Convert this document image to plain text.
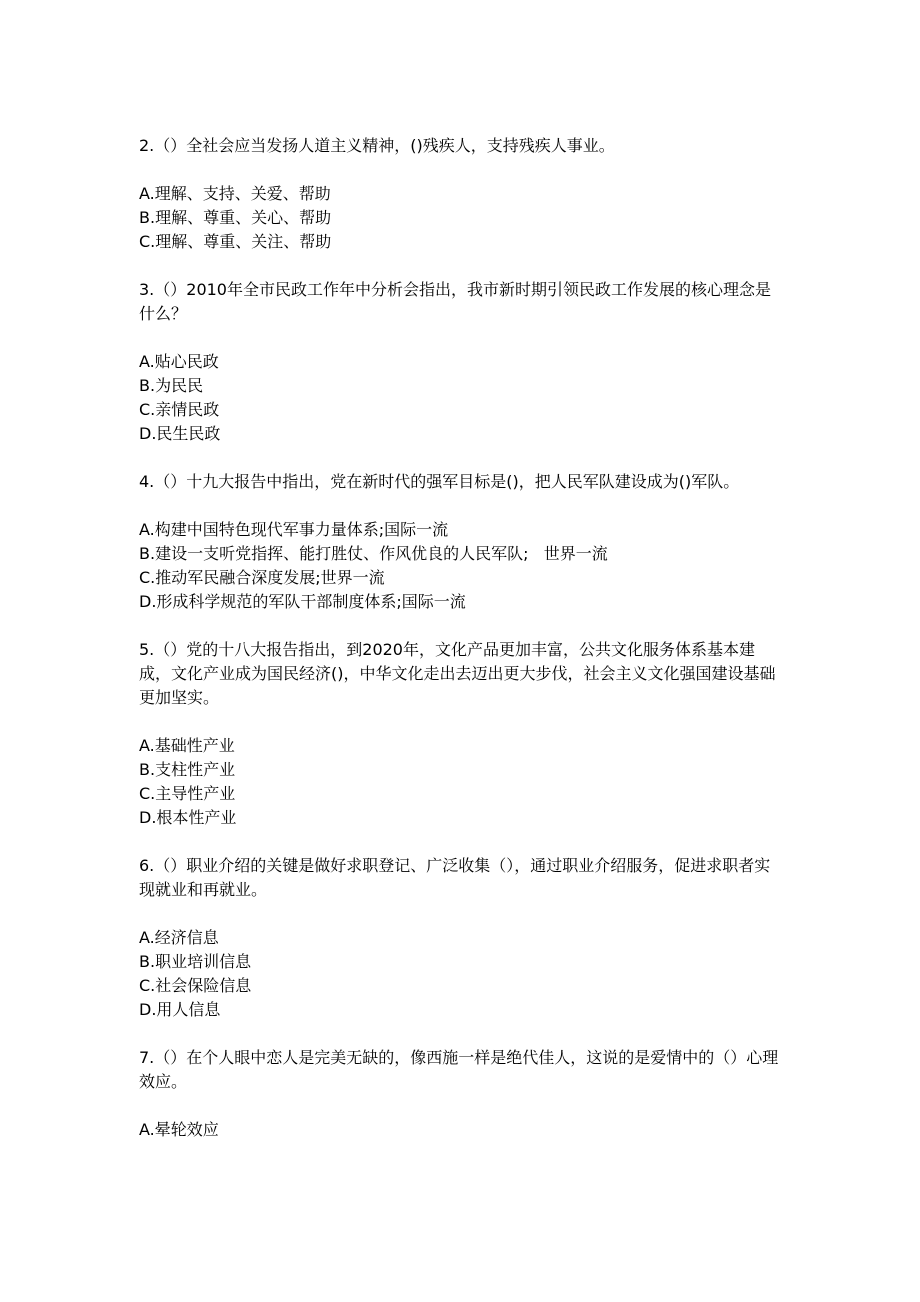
2.（）全社会应当发扬人道主义精神，()残疾人，支持残疾人事业。

A.理解、支持、关爱、帮助
B.理解、尊重、关心、帮助
C.理解、尊重、关注、帮助

3.（）2010年全市民政工作年中分析会指出，我市新时期引领民政工作发展的核心理念是什么？

A.贴心民政
B.为民民
C.亲情民政
D.民生民政

4.（）十九大报告中指出，党在新时代的强军目标是()，把人民军队建设成为()军队。

A.构建中国特色现代军事力量体系;国际一流
B.建设一支听党指挥、能打胜仗、作风优良的人民军队;   世界一流
C.推动军民融合深度发展;世界一流
D.形成科学规范的军队干部制度体系;国际一流

5.（）党的十八大报告指出，到2020年，文化产品更加丰富，公共文化服务体系基本建成，文化产业成为国民经济()，中华文化走出去迈出更大步伐，社会主义文化强国建设基础更加坚实。

A.基础性产业
B.支柱性产业
C.主导性产业
D.根本性产业

6.（）职业介绍的关键是做好求职登记、广泛收集（），通过职业介绍服务，促进求职者实现就业和再就业。

A.经济信息
B.职业培训信息
C.社会保险信息
D.用人信息

7.（）在个人眼中恋人是完美无缺的，像西施一样是绝代佳人，这说的是爱情中的（）心理效应。

A.晕轮效应
